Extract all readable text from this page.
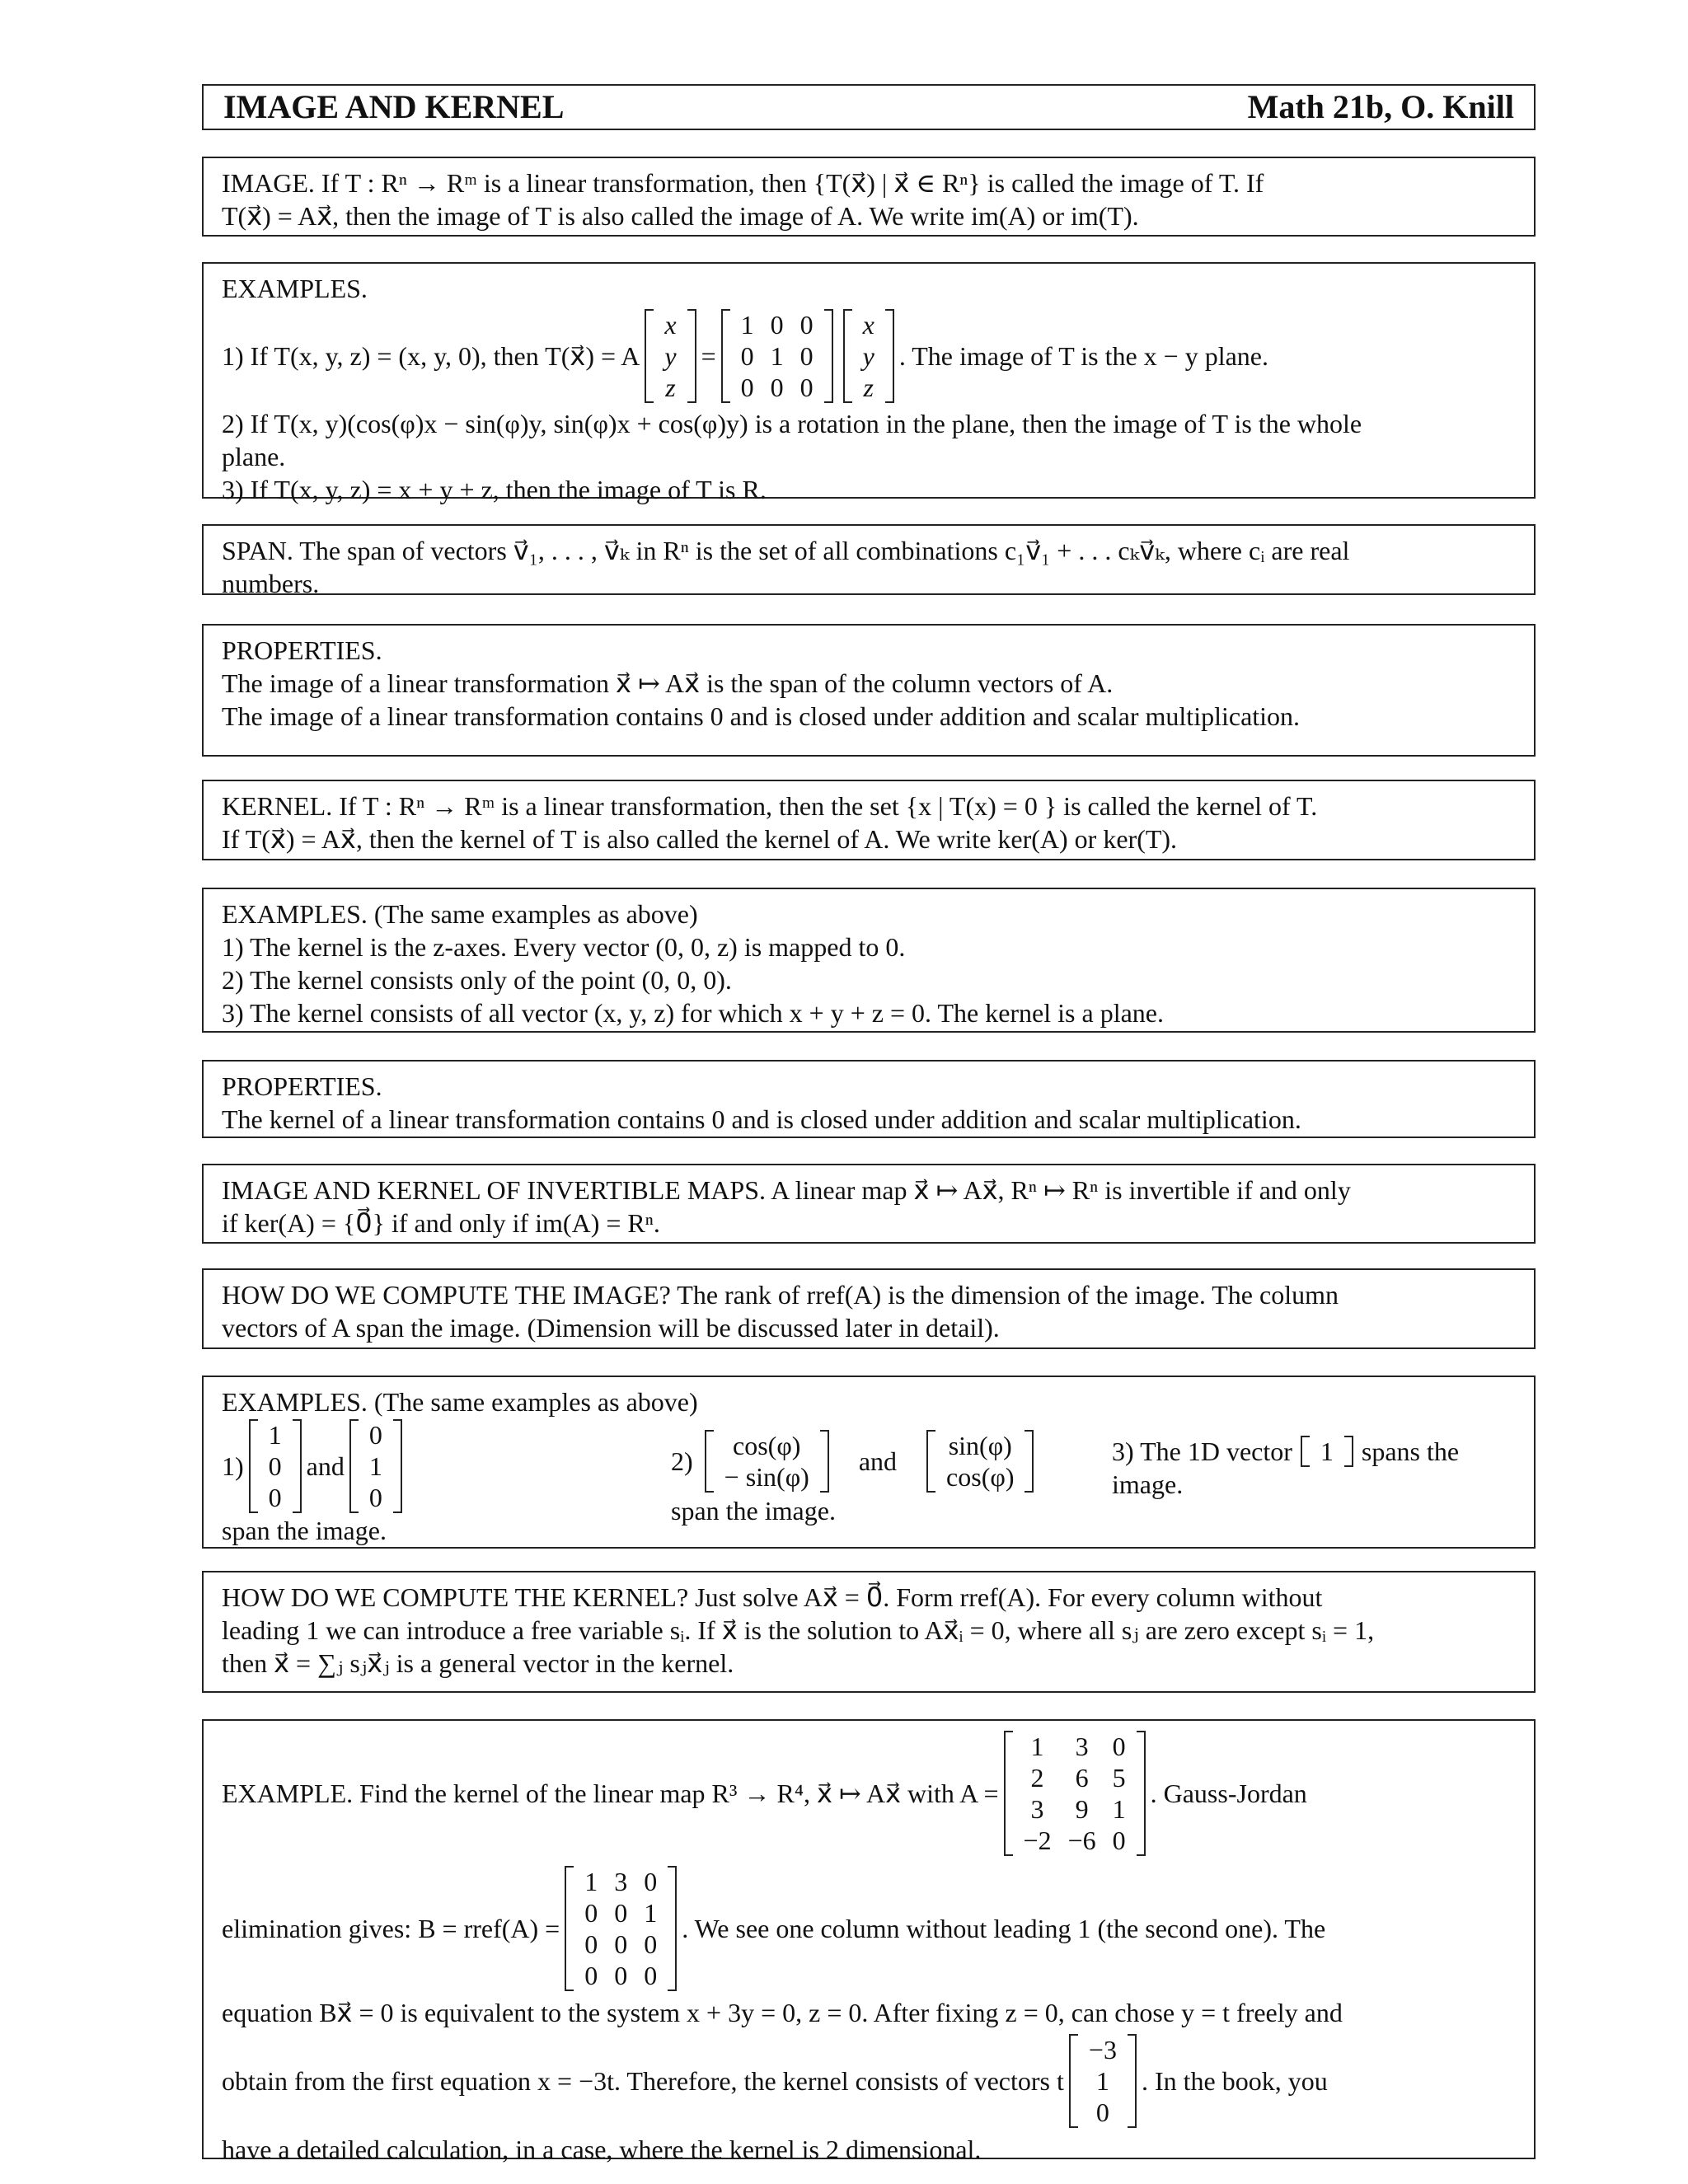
IMAGE AND KERNEL	Math 21b, O. Knill
IMAGE. If T : Rⁿ → Rᵐ is a linear transformation, then {T(x⃗) | x⃗ ∈ Rⁿ} is called the image of T. If
T(x⃗) = Ax⃗, then the image of T is also called the image of A. We write im(A) or im(T).
EXAMPLES.
1) If T(x, y, z) = (x, y, 0), then T(x⃗) = A
x
y
z
=
1	0	0
0	1	0
0	0	0
x
y
z
. The image of T is the x − y plane.
2) If T(x, y)(cos(φ)x − sin(φ)y, sin(φ)x + cos(φ)y) is a rotation in the plane, then the image of T is the whole
plane.
3) If T(x, y, z) = x + y + z, then the image of T is R.
SPAN. The span of vectors v⃗₁, . . . , v⃗ₖ in Rⁿ is the set of all combinations c₁v⃗₁ + . . . cₖv⃗ₖ, where cᵢ are real
numbers.
PROPERTIES.
The image of a linear transformation x⃗ ↦ Ax⃗ is the span of the column vectors of A.
The image of a linear transformation contains 0 and is closed under addition and scalar multiplication.
KERNEL. If T : Rⁿ → Rᵐ is a linear transformation, then the set {x | T(x) = 0 } is called the kernel of T.
If T(x⃗) = Ax⃗, then the kernel of T is also called the kernel of A. We write ker(A) or ker(T).
EXAMPLES. (The same examples as above)
1) The kernel is the z-axes. Every vector (0, 0, z) is mapped to 0.
2) The kernel consists only of the point (0, 0, 0).
3) The kernel consists of all vector (x, y, z) for which x + y + z = 0. The kernel is a plane.
PROPERTIES.
The kernel of a linear transformation contains 0 and is closed under addition and scalar multiplication.
IMAGE AND KERNEL OF INVERTIBLE MAPS. A linear map x⃗ ↦ Ax⃗, Rⁿ ↦ Rⁿ is invertible if and only
if ker(A) = {0⃗} if and only if im(A) = Rⁿ.
HOW DO WE COMPUTE THE IMAGE? The rank of rref(A) is the dimension of the image. The column
vectors of A span the image. (Dimension will be discussed later in detail).
EXAMPLES. (The same examples as above)
1)
1
0
0
and
0
1
0
span the image.
2)
cos(φ)
− sin(φ)
and
sin(φ)
cos(φ)
span the image.
3) The 1D vector 1 spans the
image.
HOW DO WE COMPUTE THE KERNEL? Just solve Ax⃗ = 0⃗. Form rref(A). For every column without
leading 1 we can introduce a free variable sᵢ. If x⃗ is the solution to Ax⃗ᵢ = 0, where all sⱼ are zero except sᵢ = 1,
then x⃗ = ∑ⱼ sⱼx⃗ⱼ is a general vector in the kernel.
EXAMPLE. Find the kernel of the linear map R³ → R⁴, x⃗ ↦ Ax⃗ with A =
1	3	0
2	6	5
3	9	1
−2	−6	0
. Gauss-Jordan
elimination gives: B = rref(A) =
1	3	0
0	0	1
0	0	0
0	0	0
. We see one column without leading 1 (the second one). The
equation Bx⃗ = 0 is equivalent to the system x + 3y = 0, z = 0. After fixing z = 0, can chose y = t freely and
obtain from the first equation x = −3t. Therefore, the kernel consists of vectors t
−3
1
0
. In the book, you
have a detailed calculation, in a case, where the kernel is 2 dimensional.
